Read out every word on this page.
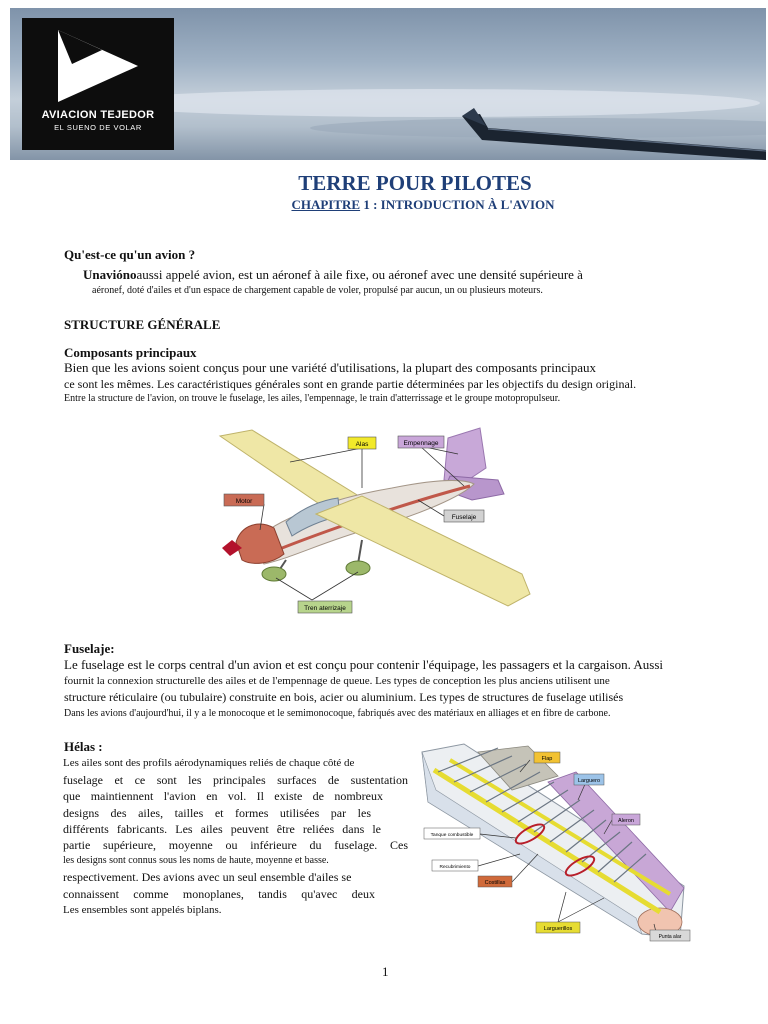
AVIACION TEJEDOR
EL SUENO DE VOLAR
TERRE POUR PILOTES
CHAPITRE 1 : INTRODUCTION À L'AVION
Qu'est-ce qu'un avion ?
Unaviónoaussi appelé avion, est un aéronef à aile fixe, ou aéronef avec une densité supérieure à
aéronef, doté d'ailes et d'un espace de chargement capable de voler, propulsé par aucun, un ou plusieurs moteurs.
STRUCTURE GÉNÉRALE
Composants principaux
Bien que les avions soient conçus pour une variété d'utilisations, la plupart des composants principaux
ce sont les mêmes. Les caractéristiques générales sont en grande partie déterminées par les objectifs du design original.
Entre la structure de l'avion, on trouve le fuselage, les ailes, l'empennage, le train d'atterrissage et le groupe motopropulseur.
Alas	Empennage
Motor
Fuselaje
Tren aterrizaje
Fuselaje:
Le fuselage est le corps central d'un avion et est conçu pour contenir l'équipage, les passagers et la cargaison. Aussi
fournit la connexion structurelle des ailes et de l'empennage de queue. Les types de conception les plus anciens utilisent une
structure réticulaire (ou tubulaire) construite en bois, acier ou aluminium. Les types de structures de fuselage utilisés
Dans les avions d'aujourd'hui, il y a le monocoque et le semimonocoque, fabriqués avec des matériaux en alliages et en fibre de carbone.
Hélas :
Les ailes sont des profils aérodynamiques reliés de chaque côté de
fuselage et ce sont les principales surfaces de sustentation
que maintiennent l'avion en vol. Il existe de nombreux
designs des ailes, tailles et formes utilisées par les
différents fabricants. Les ailes peuvent être reliées dans le
partie supérieure, moyenne ou inférieure du fuselage. Ces
les designs sont connus sous les noms de haute, moyenne et basse.
respectivement. Des avions avec un seul ensemble d'ailes se
connaissent comme monoplanes, tandis qu'avec deux
Les ensembles sont appelés biplans.
Flap
Larguero
Aleron
Tanque combustible
Recubrimiento
Costillas
Larguerillos
Punta alar
1
